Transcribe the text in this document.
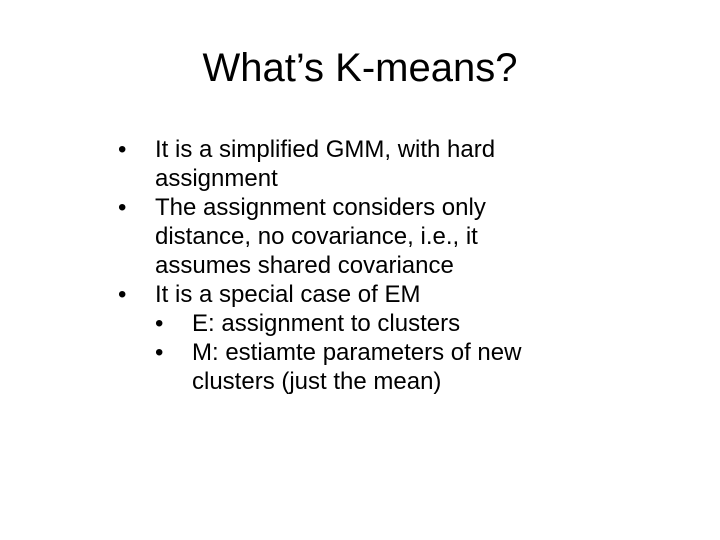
What’s K-means?
•	It is a simplified GMM, with hard
assignment
•	The assignment considers only
distance, no covariance, i.e., it
assumes shared covariance
•	It is a special case of EM
•	E: assignment to clusters
•	M: estiamte parameters of new
clusters (just the mean)
